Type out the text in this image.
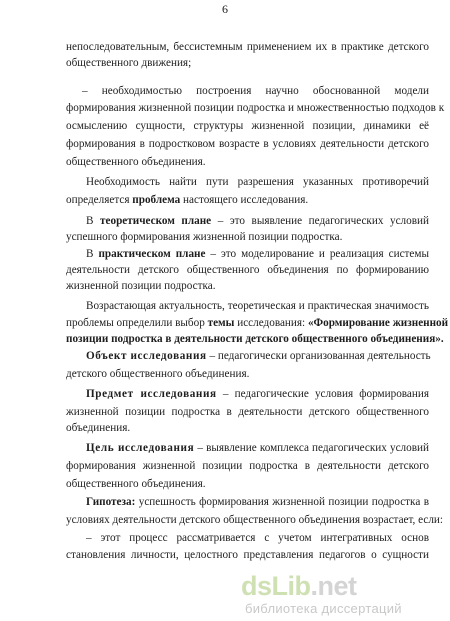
6
непоследовательным, бессистемным применением их в практике детского
общественного движения;
– необходимостью построения научно обоснованной модели
формирования жизненной позиции подростка и множественностью подходов к
осмыслению сущности, структуры жизненной позиции, динамики её
формирования в подростковом возрасте в условиях деятельности детского
общественного объединения.
Необходимость найти пути разрешения указанных противоречий
определяется проблема настоящего исследования.
В теоретическом плане – это выявление педагогических условий
успешного формирования жизненной позиции подростка.
В практическом плане – это моделирование и реализация системы
деятельности детского общественного объединения по формированию
жизненной позиции подростка.
Возрастающая актуальность, теоретическая и практическая значимость
проблемы определили выбор темы исследования: «Формирование жизненной
позиции подростка в деятельности детского общественного объединения».
Объект исследования – педагогически организованная деятельность
детского общественного объединения.
Предмет исследования – педагогические условия формирования
жизненной позиции подростка в деятельности детского общественного
объединения.
Цель исследования – выявление комплекса педагогических условий
формирования жизненной позиции подростка в деятельности детского
общественного объединения.
Гипотеза: успешность формирования жизненной позиции подростка в
условиях деятельности детского общественного объединения возрастает, если:
– этот процесс рассматривается с учетом интегративных основ
становления личности, целостного представления педагогов о сущности
dsLib.net
библиотека диссертаций
